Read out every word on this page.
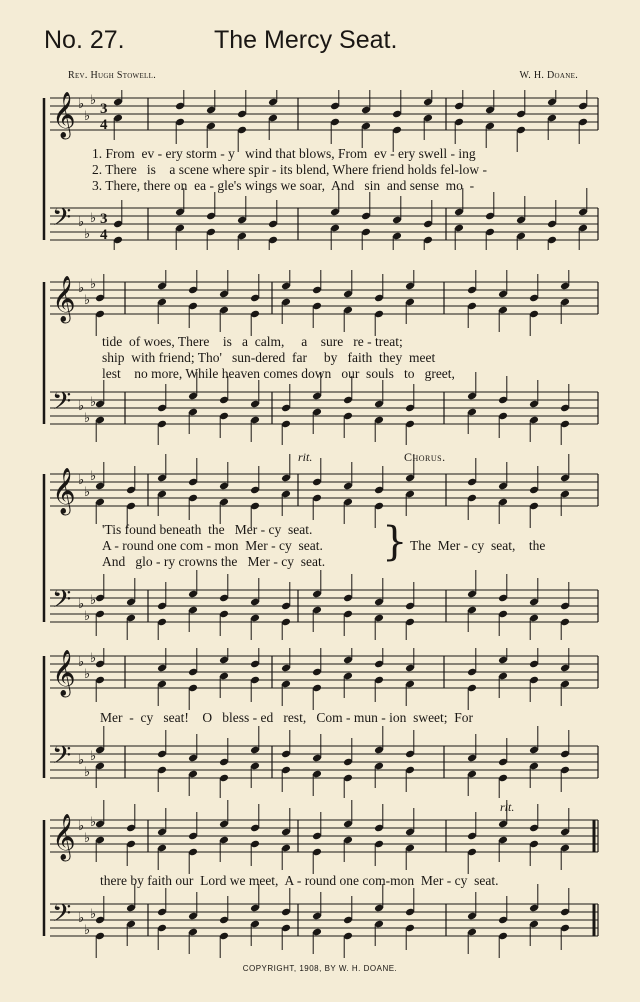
No. 27.	The Mercy Seat.
Rev. Hugh Stowell.	W. H. Doane.
𝄞 ♭
♭
♭
3
4
𝄢 ♭
♭
♭ 3
4
1. From  ev - ery storm - y   wind that blows, From  ev - ery swell - ing
2. There   is    a scene where spir - its blend, Where friend holds fel-low -
3. There, there on  ea - gle's wings we soar,  And   sin  and sense  mo  -
𝄞 ♭
♭
♭
𝄢 ♭
♭
♭
tide  of woes, There    is   a  calm,     a    sure   re - treat;
ship  with friend; Tho'   sun-dered  far     by   faith  they  meet
lest    no more, While heaven comes down   our  souls   to   greet,
rit.	Chorus.
𝄞 ♭
♭
♭
𝄢 ♭
♭
♭
'Tis found beneath  the   Mer - cy  seat.
A - round one com - mon  Mer - cy  seat.
And   glo - ry crowns the   Mer - cy  seat.	} The  Mer - cy  seat,    the
𝄞 ♭
♭
♭
𝄢 ♭
♭
♭
Mer  -  cy   seat!    O   bless - ed   rest,   Com - mun - ion  sweet;  For
rit.
𝄞 ♭
♭
♭
𝄢 ♭
♭
♭
there by faith our  Lord we meet,  A - round one com-mon  Mer - cy  seat.
COPYRIGHT, 1908, BY W. H. DOANE.
